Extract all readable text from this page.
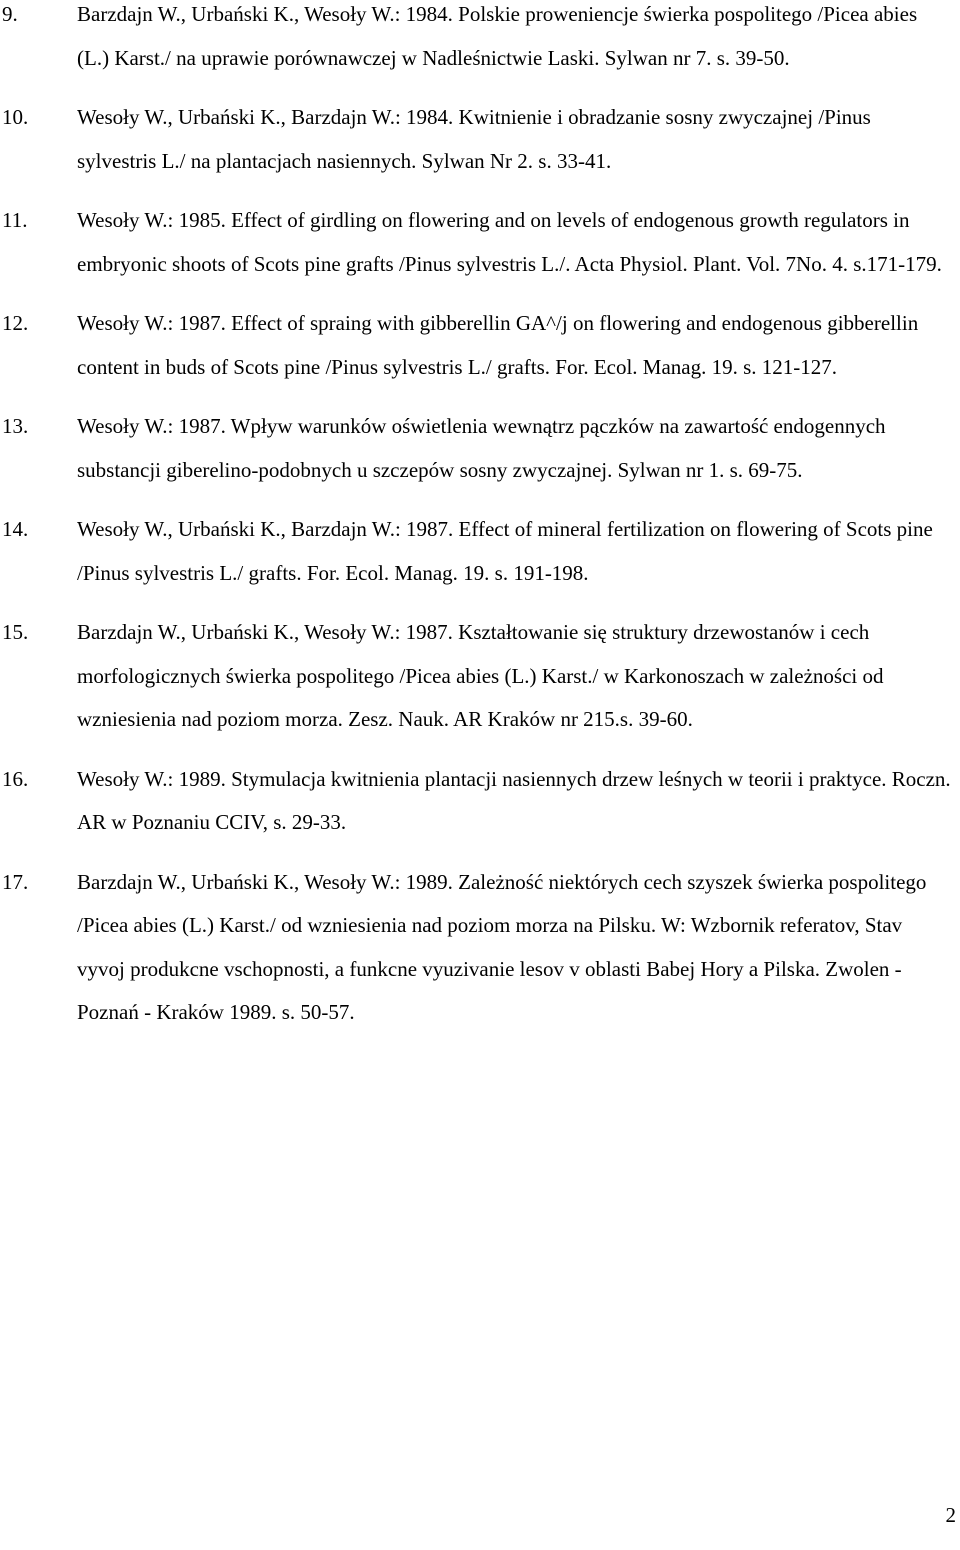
9.	Barzdajn W., Urbański K., Wesoły W.: 1984. Polskie proweniencje świerka pospolitego /Picea abies (L.) Karst./ na uprawie porównawczej w Nadleśnictwie Laski. Sylwan nr 7. s. 39-50.
10. Wesoły W., Urbański K., Barzdajn W.: 1984. Kwitnienie i obradzanie sosny zwyczajnej /Pinus sylvestris L./ na plantacjach nasiennych. Sylwan Nr 2. s. 33-41.
11. Wesoły W.: 1985. Effect of girdling on flowering and on levels of endogenous growth regulators in embryonic shoots of Scots pine grafts /Pinus sylvestris L./. Acta Physiol. Plant. Vol. 7No. 4. s.171-179.
12. Wesoły W.: 1987. Effect of spraing with gibberellin GA^/j on flowering and endogenous gibberellin content in buds of Scots pine /Pinus sylvestris L./ grafts. For. Ecol. Manag. 19. s. 121-127.
13. Wesoły W.: 1987. Wpływ warunków oświetlenia wewnątrz pączków na zawartość endogennych substancji giberelino-podobnych u szczepów sosny zwyczajnej. Sylwan nr 1. s. 69-75.
14. Wesoły W., Urbański K., Barzdajn W.: 1987. Effect of mineral fertilization on flowering of Scots pine /Pinus sylvestris L./ grafts. For. Ecol. Manag. 19. s. 191-198.
15. Barzdajn W., Urbański K., Wesoły W.: 1987. Kształtowanie się struktury drzewostanów i cech morfologicznych świerka pospolitego /Picea abies (L.) Karst./ w Karkonoszach w zależności od wzniesienia nad poziom morza. Zesz. Nauk. AR Kraków nr 215.s. 39-60.
16. Wesoły W.: 1989. Stymulacja kwitnienia plantacji nasiennych drzew leśnych w teorii i praktyce. Roczn. AR w Poznaniu CCIV, s. 29-33.
17. Barzdajn W., Urbański K., Wesoły W.: 1989. Zależność niektórych cech szyszek świerka pospolitego /Picea abies (L.) Karst./ od wzniesienia nad poziom morza na Pilsku. W: Wzbornik referatov, Stav vyvoj produkcne vschopnosti, a funkcne vyuzivanie lesov v oblasti Babej Hory a Pilska. Zwolen - Poznań - Kraków 1989. s. 50-57.
2
